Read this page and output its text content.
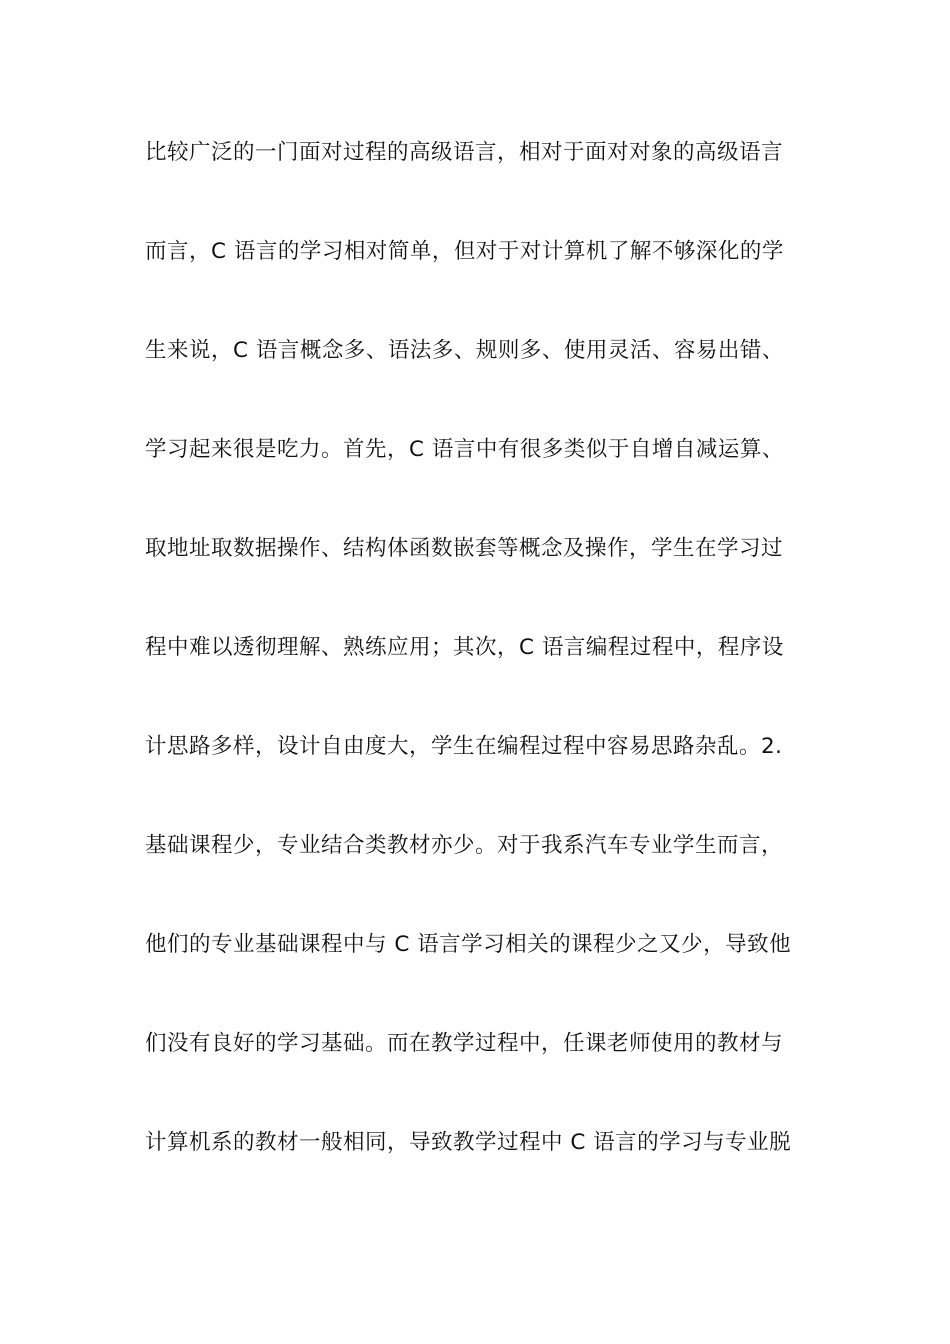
比较广泛的一门面对过程的高级语言，相对于面对对象的高级语言
而言，C 语言的学习相对简单，但对于对计算机了解不够深化的学
生来说，C 语言概念多、语法多、规则多、使用灵活、容易出错、
学习起来很是吃力。首先，C 语言中有很多类似于自增自减运算、
取地址取数据操作、结构体函数嵌套等概念及操作，学生在学习过
程中难以透彻理解、熟练应用；其次，C 语言编程过程中，程序设
计思路多样，设计自由度大，学生在编程过程中容易思路杂乱。2.
基础课程少，专业结合类教材亦少。对于我系汽车专业学生而言，
他们的专业基础课程中与 C 语言学习相关的课程少之又少，导致他
们没有良好的学习基础。而在教学过程中，任课老师使用的教材与
计算机系的教材一般相同，导致教学过程中 C 语言的学习与专业脱
